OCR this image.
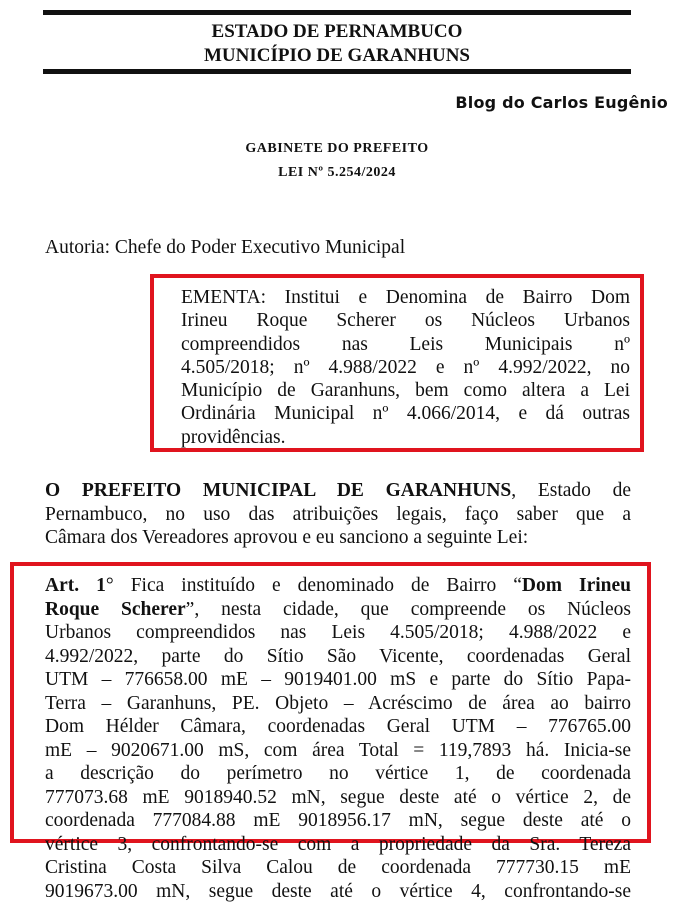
ESTADO DE PERNAMBUCO
MUNICÍPIO DE GARANHUNS
Blog do Carlos Eugênio
GABINETE DO PREFEITO
LEI Nº 5.254/2024
Autoria: Chefe do Poder Executivo Municipal
EMENTA: Institui e Denomina de Bairro Dom
Irineu Roque Scherer os Núcleos Urbanos
compreendidos nas Leis Municipais nº
4.505/2018; nº 4.988/2022 e nº 4.992/2022, no
Município de Garanhuns, bem como altera a Lei
Ordinária Municipal nº 4.066/2014, e dá outras
providências.
O PREFEITO MUNICIPAL DE GARANHUNS, Estado de
Pernambuco, no uso das atribuições legais, faço saber que a
Câmara dos Vereadores aprovou e eu sanciono a seguinte Lei:
Art. 1° Fica instituído e denominado de Bairro “Dom Irineu
Roque Scherer”, nesta cidade, que compreende os Núcleos
Urbanos compreendidos nas Leis 4.505/2018; 4.988/2022 e
4.992/2022, parte do Sítio São Vicente, coordenadas Geral
UTM – 776658.00 mE – 9019401.00 mS e parte do Sítio Papa-
Terra – Garanhuns, PE. Objeto – Acréscimo de área ao bairro
Dom Hélder Câmara, coordenadas Geral UTM – 776765.00
mE – 9020671.00 mS, com área Total = 119,7893 há. Inicia-se
a descrição do perímetro no vértice 1, de coordenada
777073.68 mE 9018940.52 mN, segue deste até o vértice 2, de
coordenada 777084.88 mE 9018956.17 mN, segue deste até o
vértice 3, confrontando-se com a propriedade da Sra. Tereza
Cristina Costa Silva Calou de coordenada 777730.15 mE
9019673.00 mN, segue deste até o vértice 4, confrontando-se
